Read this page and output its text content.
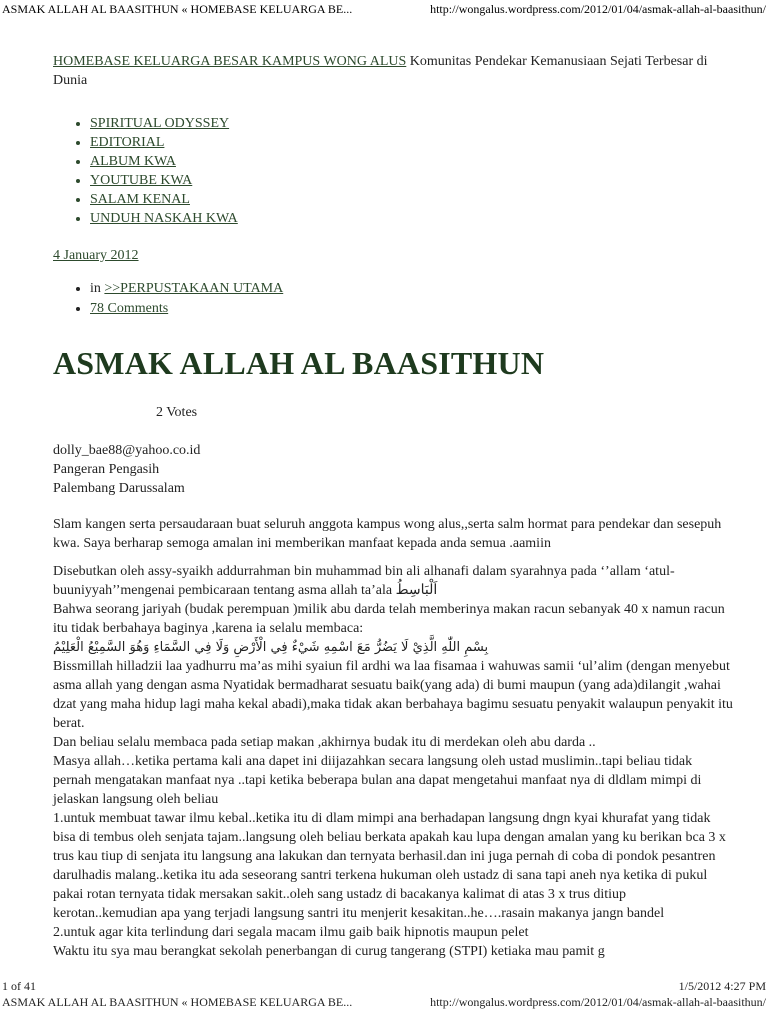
ASMAK ALLAH AL BAASITHUN « HOMEBASE KELUARGA BE...	http://wongalus.wordpress.com/2012/01/04/asmak-allah-al-baasithun/

HOMEBASE KELUARGA BESAR KAMPUS WONG ALUS Komunitas Pendekar Kemanusiaan Sejati Terbesar di Dunia

• SPIRITUAL ODYSSEY
• EDITORIAL
• ALBUM KWA
• YOUTUBE KWA
• SALAM KENAL
• UNDUH NASKAH KWA
4 January 2012
• in >>PERPUSTAKAAN UTAMA
• 78 Comments
ASMAK ALLAH AL BAASITHUN
2 Votes
dolly_bae88@yahoo.co.id
Pangeran Pengasih
Palembang Darussalam

Slam kangen serta persaudaraan buat seluruh anggota kampus wong alus,,serta salm hormat para pendekar dan sesepuh kwa. Saya berharap semoga amalan ini memberikan manfaat kepada anda semua .aamiin

Disebutkan oleh assy-syaikh addurrahman bin muhammad bin ali alhanafi dalam syarahnya pada ‘’allam ‘atul-buuniyyah’’mengenai pembicaraan tentang asma allah ta’ala اَلْبَاسِطُ

Bahwa seorang jariyah (budak perempuan )milik abu darda telah memberinya makan racun sebanyak 40 x namun racun itu tidak berbahaya baginya ,karena ia selalu membaca:

بِسْمِ اللّٰهِ الَّذِيْ لَا يَضُرُّ مَعَ اسْمِهِ شَيْءٌ فِي الْأَرْضِ وَلَا فِي السَّمَاءِ وَهُوَ السَّمِيْعُ الْعَلِيْمُ

Bissmillah hilladzii laa yadhurru ma’as mihi syaiun fil ardhi wa laa fisamaa i wahuwas samii ‘ul’alim (dengan menyebut asma allah yang dengan asma Nyatidak bermadharat sesuatu baik(yang ada) di bumi maupun (yang ada)dilangit ,wahai dzat yang maha hidup lagi maha kekal abadi),maka tidak akan berbahaya bagimu sesuatu penyakit walaupun penyakit itu berat.

Dan beliau selalu membaca pada setiap makan ,akhirnya budak itu di merdekan oleh abu darda ..

Masya allah…ketika pertama kali ana dapet ini diijazahkan secara langsung oleh ustad muslimin..tapi beliau tidak pernah mengatakan manfaat nya ..tapi ketika beberapa bulan ana dapat mengetahui manfaat nya di dldlam mimpi di jelaskan langsung oleh beliau

1.untuk membuat tawar ilmu kebal..ketika itu di dlam mimpi ana berhadapan langsung dngn kyai khurafat yang tidak bisa di tembus oleh senjata tajam..langsung oleh beliau berkata apakah kau lupa dengan amalan yang ku berikan bca 3 x trus kau tiup di senjata itu langsung ana lakukan dan ternyata berhasil.dan ini juga pernah di coba di pondok pesantren darulhadis malang..ketika itu ada seseorang santri terkena hukuman oleh ustadz di sana tapi aneh nya ketika di pukul pakai rotan ternyata tidak mersakan sakit..oleh sang ustadz di bacakanya kalimat di atas 3 x trus ditiup kerotan..kemudian apa yang terjadi langsung santri itu menjerit kesakitan..he….rasain makanya jangn bandel

2.untuk agar kita terlindung dari segala macam ilmu gaib baik hipnotis maupun pelet

Waktu itu sya mau berangkat sekolah penerbangan di curug tangerang (STPI) ketiaka mau pamit g

1 of 41	1/5/2012 4:27 PM
ASMAK ALLAH AL BAASITHUN « HOMEBASE KELUARGA BE...	http://wongalus.wordpress.com/2012/01/04/asmak-allah-al-baasithun/
